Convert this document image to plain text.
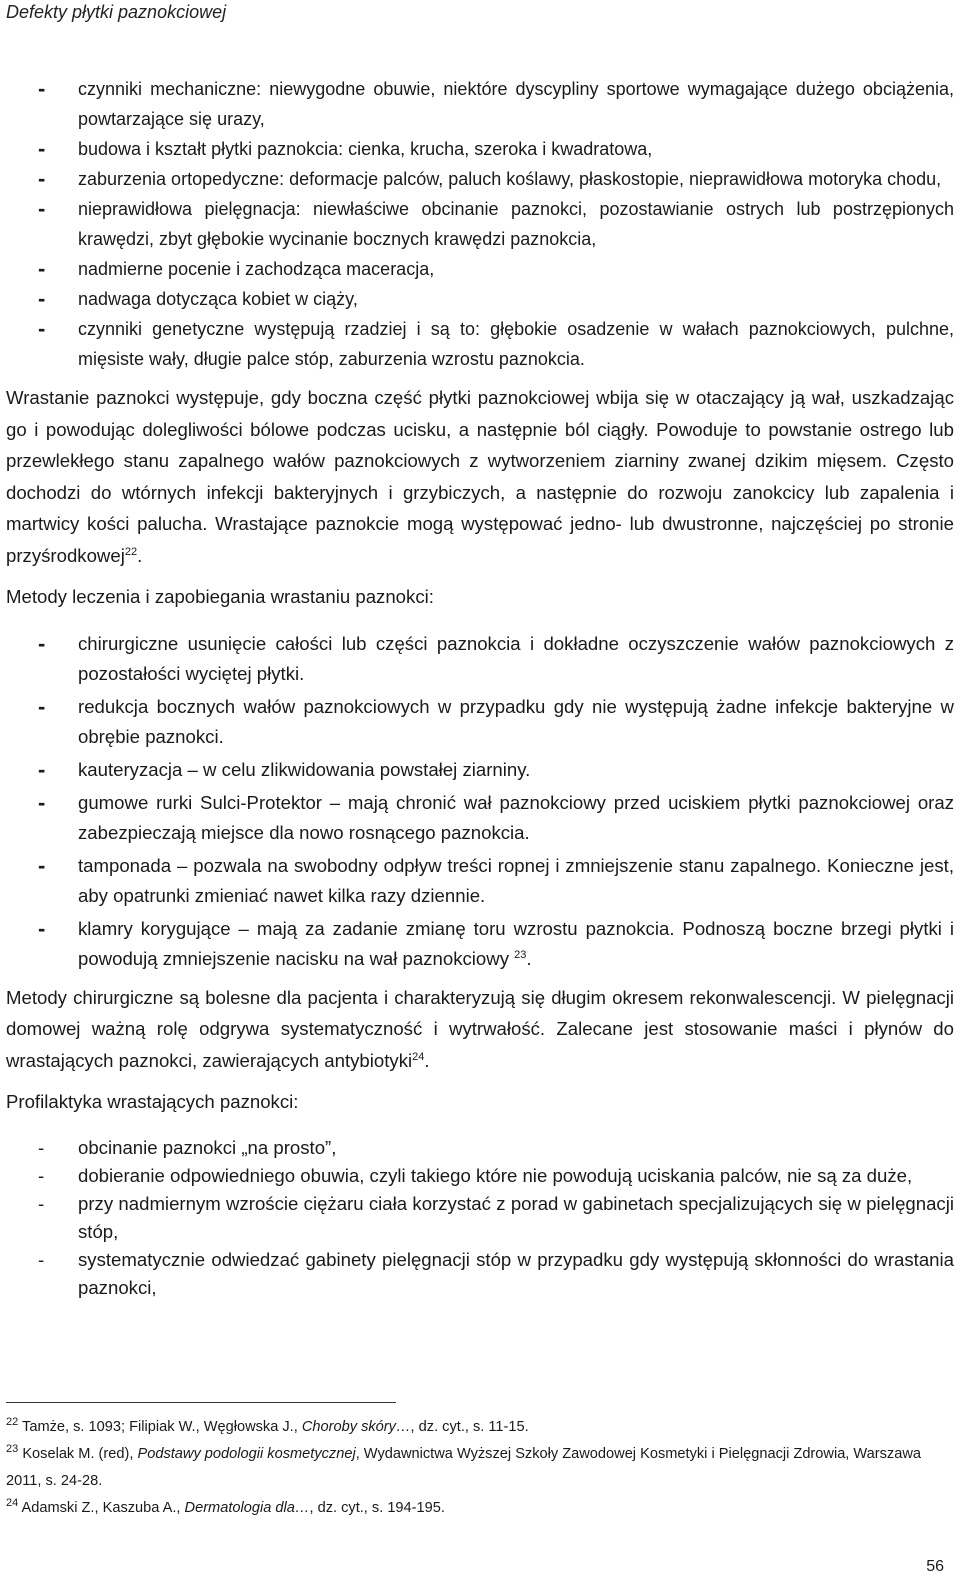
Defekty płytki paznokciowej
- czynniki mechaniczne: niewygodne obuwie, niektóre dyscypliny sportowe wymagające dużego obciążenia, powtarzające się urazy,
- budowa i kształt płytki paznokcia: cienka, krucha, szeroka i kwadratowa,
- zaburzenia ortopedyczne: deformacje palców, paluch koślawy, płaskostopie, nieprawidłowa motoryka chodu,
- nieprawidłowa pielęgnacja: niewłaściwe obcinanie paznokci, pozostawianie ostrych lub postrzępionych krawędzi, zbyt głębokie wycinanie bocznych krawędzi paznokcia,
- nadmierne pocenie i zachodząca maceracja,
- nadwaga dotycząca kobiet w ciąży,
- czynniki genetyczne występują rzadziej i są to: głębokie osadzenie w wałach paznokciowych, pulchne, mięsiste wały, długie palce stóp, zaburzenia wzrostu paznokcia.

Wrastanie paznokci występuje, gdy boczna część płytki paznokciowej wbija się w otaczający ją wał, uszkadzając go i powodując dolegliwości bólowe podczas ucisku, a następnie ból ciągły. Powoduje to powstanie ostrego lub przewlekłego stanu zapalnego wałów paznokciowych z wytworzeniem ziarniny zwanej dzikim mięsem. Często dochodzi do wtórnych infekcji bakteryjnych i grzybiczych, a następnie do rozwoju zanokcicy lub zapalenia i martwicy kości palucha. Wrastające paznokcie mogą występować jedno- lub dwustronne, najczęściej po stronie przyśrodkowej$^{22}$.

Metody leczenia i zapobiegania wrastaniu paznokci:

- chirurgiczne usunięcie całości lub części paznokcia i dokładne oczyszczenie wałów paznokciowych z pozostałości wyciętej płytki.
- redukcja bocznych wałów paznokciowych w przypadku gdy nie występują żadne infekcje bakteryjne w obrębie paznokci.
- kauteryzacja – w celu zlikwidowania powstałej ziarniny.
- gumowe rurki Sulci-Protektor – mają chronić wał paznokciowy przed uciskiem płytki paznokciowej oraz zabezpieczają miejsce dla nowo rosnącego paznokcia.
- tamponada – pozwala na swobodny odpływ treści ropnej i zmniejszenie stanu zapalnego. Konieczne jest, aby opatrunki zmieniać nawet kilka razy dziennie.
- klamry korygujące – mają za zadanie zmianę toru wzrostu paznokcia. Podnoszą boczne brzegi płytki i powodują zmniejszenie nacisku na wał paznokciowy $^{23}$.

Metody chirurgiczne są bolesne dla pacjenta i charakteryzują się długim okresem rekonwalescencji. W pielęgnacji domowej ważną rolę odgrywa systematyczność i wytrwałość. Zalecane jest stosowanie maści i płynów do wrastających paznokci, zawierających antybiotyki$^{24}$.

Profilaktyka wrastających paznokci:

- obcinanie paznokci „na prosto”,
- dobieranie odpowiedniego obuwia, czyli takiego które nie powodują uciskania palców, nie są za duże,
- przy nadmiernym wzroście ciężaru ciała korzystać z porad w gabinetach specjalizujących się w pielęgnacji stóp,
- systematycznie odwiedzać gabinety pielęgnacji stóp w przypadku gdy występują skłonności do wrastania paznokci,
$^{22}$ Tamże, s. 1093; Filipiak W., Węgłowska J., Choroby skóry…, dz. cyt., s. 11-15.
$^{23}$ Koselak M. (red), Podstawy podologii kosmetycznej, Wydawnictwa Wyższej Szkoły Zawodowej Kosmetyki i Pielęgnacji Zdrowia, Warszawa 2011, s. 24-28.
$^{24}$ Adamski Z., Kaszuba A., Dermatologia dla…, dz. cyt., s. 194-195.
56
